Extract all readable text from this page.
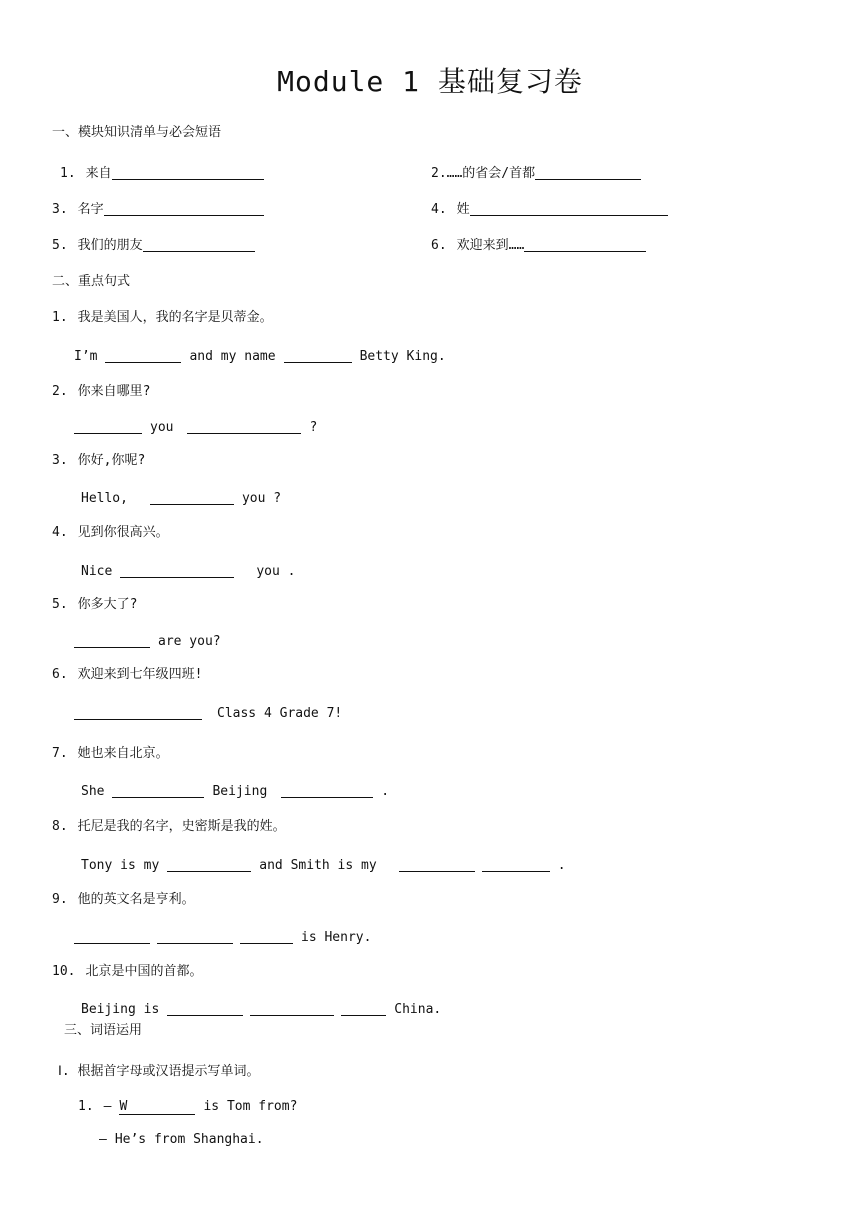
Module 1 基础复习卷
一、模块知识清单与必会短语
1. 来自	2.……的省会/首都
3. 名字	4. 姓
5. 我们的朋友	6. 欢迎来到……
二、重点句式
1. 我是美国人，我的名字是贝蒂金。
I’m	and my name	Betty King.
2. 你来自哪里?
you	?
3. 你好,你呢?
Hello,	you ?
4. 见到你很高兴。
Nice	you .
5. 你多大了?
are you?
6. 欢迎来到七年级四班!
Class 4 Grade 7!
7. 她也来自北京。
She	Beijing	.
8. 托尼是我的名字，史密斯是我的姓。
Tony is my	and Smith is my	.
9. 他的英文名是亨利。
is Henry.
10. 北京是中国的首都。
Beijing is	China.
三、词语运用
Ⅰ. 根据首字母或汉语提示写单词。
1. — W	is Tom from?
— He’s from Shanghai.
